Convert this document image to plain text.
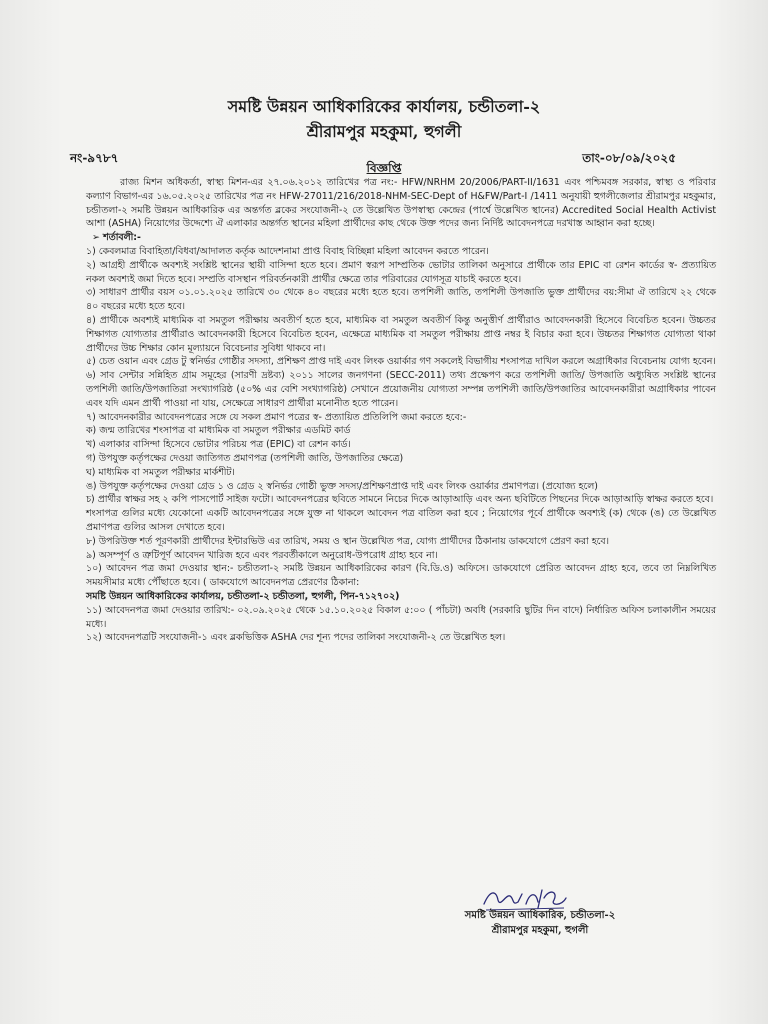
সমষ্টি উন্নয়ন আধিকারিকের কার্যালয়, চন্ডীতলা-২
শ্রীরামপুর মহকুমা, হুগলী
নং-৯৭৮৭	তাং-০৮/০৯/২০২৫
বিজ্ঞপ্তি

রাজ্য মিশন অধিকর্তা, স্বাস্থ্য মিশন-এর ২৭.০৬.২০১২ তারিখের পত্র নং:- HFW/NRHM 20/2006/PART-II/1631 এবং পশ্চিমবঙ্গ সরকার, স্বাস্থ্য ও পরিবার কল্যাণ বিভাগ-এর ১৬.০৫.২০২৫ তারিখের পত্র নং HFW-27011/216/2018-NHM-SEC-Dept of H&FW/Part-I /1411 অনুযায়ী হুগলীজেলার শ্রীরামপুর মহকুমার, চন্ডীতলা-২ সমষ্টি উন্নয়ন আধিকারিক এর অন্তর্গত ব্লকের সংযোজনী-২ তে উল্লেখিত উপস্বাস্থ্য কেন্দ্রের (পার্শ্বে উল্লেখিত স্থানের) Accredited Social Health Activist আশা (ASHA) নিয়োগের উদ্দেশ্যে ঐ এলাকার অন্তর্গত স্থানের মহিলা প্রার্থীদের কাছ থেকে উক্ত পদের জন্য নির্দিষ্ট আবেদনপত্রে দরখাস্ত আহ্বান করা হচ্ছে।

➢ শর্তাবলী:-

১) কেবলমাত্র বিবাহিতা/বিধবা/আদালত কর্তৃক আদেশনামা প্রাপ্ত বিবাহ বিচ্ছিন্না মহিলা আবেদন করতে পারেন।

২) আগ্রহী প্রার্থীকে অবশ্যই সংশ্লিষ্ট স্থানের স্থায়ী বাসিন্দা হতে হবে। প্রমাণ স্বরূপ সাম্প্রতিক ভোটার তালিকা অনুসারে প্রার্থীকে তার EPIC বা রেশন কার্ডের স্ব- প্রত্যায়িত নকল অবশ্যই জমা দিতে হবে। সম্প্রতি বাসস্থান পরিবর্তনকারী প্রার্থীর ক্ষেত্রে তার পরিবারের যোগসূত্র যাচাই করতে হবে।

৩) সাধারণ প্রার্থীর বয়স ০১.০১.২০২৫ তারিখে ৩০ থেকে ৪০ বছরের মধ্যে হতে হবে। তপশিলী জাতি, তপশিলী উপজাতি ভুক্ত প্রার্থীদের বয়:সীমা ঐ তারিখে ২২ থেকে ৪০ বছরের মধ্যে হতে হবে।

৪) প্রার্থীকে অবশ্যই মাধ্যমিক বা সমতুল পরীক্ষায় অবতীর্ণ হতে হবে, মাধ্যমিক বা সমতুল অবতীর্ণ কিন্তু অনুত্তীর্ণ প্রার্থীরাও আবেদনকারী হিসেবে বিবেচিত হবেন। উচ্চতর শিক্ষাগত যোগ্যতার প্রার্থীরাও আবেদনকারী হিসেবে বিবেচিত হবেন, এক্ষেত্রে মাধ্যমিক বা সমতুল পরীক্ষায় প্রাপ্ত নম্বর ই বিচার করা হবে। উচ্চতর শিক্ষাগত যোগ্যতা থাকা প্রার্থীদের উচ্চ শিক্ষার কোন মূল্যায়নে বিবেচনার সুবিধা থাকবে না।

৫) চেত ওয়ান এবং গ্রেড টু স্বনির্ভর গোষ্ঠীর সদস্যা, প্রশিক্ষণ প্রাপ্ত দাই এবং লিংক ওয়ার্কার গণ সকলেই বিভাগীয় শংসাপত্র দাখিল করলে অগ্রাধিকার বিবেচনায় যোগ্য হবেন।

৬) সাব সেন্টার সন্নিহিত গ্রাম সমূহের (সারণী দ্রষ্টব্য) ২০১১ সালের জনগণনা (SECC-2011) তথ্য প্রক্ষেপণ করে তপশিলী জাতি/ উপজাতি অধ্যুষিত সংশ্লিষ্ট স্থানের তপশিলী জাতি/উপজাতিরা সংখ্যাগরিষ্ঠ (৫০% এর বেশি সংখ্যাগরিষ্ঠ) সেখানে প্রয়োজনীয় যোগ্যতা সম্পন্ন তপশিলী জাতি/উপজাতির আবেদনকারীরা অগ্রাধিকার পাবেন এবং যদি এমন প্রার্থী পাওয়া না যায়, সেক্ষেত্রে সাধারণ প্রার্থীরা মনোনীত হতে পারেন।

৭) আবেদনকারীর আবেদনপত্রের সঙ্গে যে সকল প্রমাণ পত্রের স্ব- প্রত্যায়িত প্রতিলিপি জমা করতে হবে:-

ক) জন্ম তারিখের শংসাপত্র বা মাধ্যমিক বা সমতুল পরীক্ষার এডমিট কার্ড

খ) এলাকার বাসিন্দা হিসেবে ভোটার পরিচয় পত্র (EPIC) বা রেশন কার্ড।

গ) উপযুক্ত কর্তৃপক্ষের দেওয়া জাতিগত প্রমাণপত্র (তপশিলী জাতি, উপজাতির ক্ষেত্রে)

ঘ) মাধ্যমিক বা সমতুল পরীক্ষার মার্কশীট।

ঙ) উপযুক্ত কর্তৃপক্ষের দেওয়া গ্রেড ১ ও গ্রেড ২ স্বনির্ভর গোষ্ঠী ভুক্ত সদস্য/প্রশিক্ষণপ্রাপ্ত দাই এবং লিংক ওয়ার্কার প্রমাণপত্র। (প্রযোজ্য হলে)

চ) প্রার্থীর স্বাক্ষর সহ ২ কপি পাসপোর্ট সাইজ ফটো। আবেদনপত্রের ছবিতে সামনে নিচের দিকে আড়াআড়ি এবং অন্য ছবিটিতে পিছনের দিকে আড়াআড়ি স্বাক্ষর করতে হবে।

শংসাপত্র গুলির মধ্যে যেকোনো একটি আবেদনপত্রের সঙ্গে যুক্ত না থাকলে আবেদন পত্র বাতিল করা হবে ; নিয়োগের পূর্বে প্রার্থীকে অবশ্যই (ক) থেকে (ঙ) তে উল্লেখিত প্রমাণপত্র গুলির আসল দেখাতে হবে।

৮) উপরিউক্ত শর্ত পূরণকারী প্রার্থীদের ইন্টারভিউ এর তারিখ, সময় ও স্থান উল্লেখিত পত্র, যোগ্য প্রার্থীদের ঠিকানায় ডাকযোগে প্রেরণ করা হবে।

৯) অসম্পূর্ণ ও ত্রুটিপূর্ণ আবেদন খারিজ হবে এবং পরবর্তীকালে অনুরোধ-উপরোধ গ্রাহ্য হবে না।

১০) আবেদন পত্র জমা দেওয়ার স্থান:- চন্ডীতলা-২ সমষ্টি উন্নয়ন আধিকারিকের কারণ (বি.ডি.ও) অফিসে। ডাকযোগে প্রেরিত আবেদন গ্রাহ্য হবে, তবে তা নিম্নলিখিত সময়সীমার মধ্যে পৌঁছাতে হবে। ( ডাকযোগে আবেদনপত্র প্রেরণের ঠিকানা:

সমষ্টি উন্নয়ন আধিকারিকের কার্যালয়, চন্ডীতলা-২ চন্ডীতলা, হুগলী, পিন-৭১২৭০২)

১১) আবেদনপত্র জমা দেওয়ার তারিখ:- ০২.০৯.২০২৫ থেকে ১৫.১০.২০২৫ বিকাল ৫:০০ ( পাঁচটা) অবধি (সরকারি ছুটির দিন বাদে) নির্ধারিত অফিস চলাকালীন সময়ের মধ্যে।

১২) আবেদনপত্রটি সংযোজনী-১ এবং ব্লকভিত্তিক ASHA দের শূন্য পদের তালিকা সংযোজনী-২ তে উল্লেখিত হল।

সমষ্টি উন্নয়ন আধিকারিক, চন্ডীতলা-২
শ্রীরামপুর মহকুমা, হুগলী
